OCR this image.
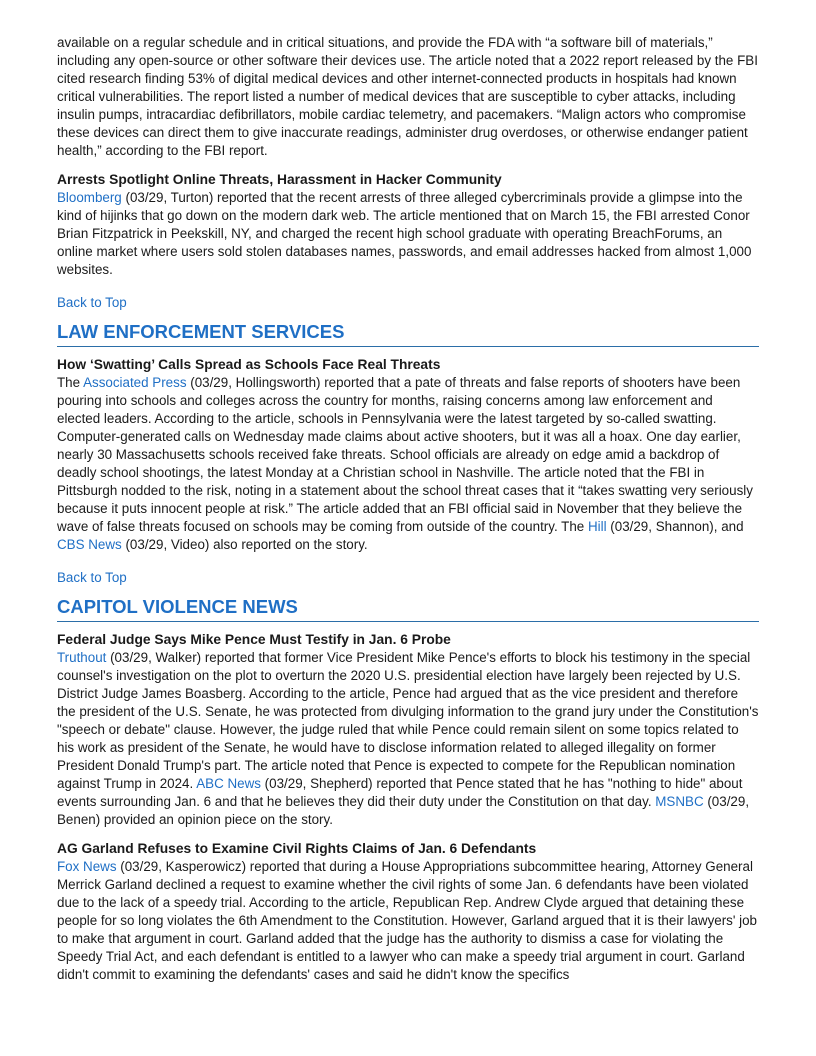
available on a regular schedule and in critical situations, and provide the FDA with “a software bill of materials,” including any open-source or other software their devices use. The article noted that a 2022 report released by the FBI cited research finding 53% of digital medical devices and other internet-connected products in hospitals had known critical vulnerabilities. The report listed a number of medical devices that are susceptible to cyber attacks, including insulin pumps, intracardiac defibrillators, mobile cardiac telemetry, and pacemakers. “Malign actors who compromise these devices can direct them to give inaccurate readings, administer drug overdoses, or otherwise endanger patient health,” according to the FBI report.

Arrests Spotlight Online Threats, Harassment in Hacker Community

Bloomberg (03/29, Turton) reported that the recent arrests of three alleged cybercriminals provide a glimpse into the kind of hijinks that go down on the modern dark web. The article mentioned that on March 15, the FBI arrested Conor Brian Fitzpatrick in Peekskill, NY, and charged the recent high school graduate with operating BreachForums, an online market where users sold stolen databases names, passwords, and email addresses hacked from almost 1,000 websites.

Back to Top
LAW ENFORCEMENT SERVICES
How ‘Swatting’ Calls Spread as Schools Face Real Threats

The Associated Press (03/29, Hollingsworth) reported that a pate of threats and false reports of shooters have been pouring into schools and colleges across the country for months, raising concerns among law enforcement and elected leaders. According to the article, schools in Pennsylvania were the latest targeted by so-called swatting. Computer-generated calls on Wednesday made claims about active shooters, but it was all a hoax. One day earlier, nearly 30 Massachusetts schools received fake threats. School officials are already on edge amid a backdrop of deadly school shootings, the latest Monday at a Christian school in Nashville. The article noted that the FBI in Pittsburgh nodded to the risk, noting in a statement about the school threat cases that it “takes swatting very seriously because it puts innocent people at risk.” The article added that an FBI official said in November that they believe the wave of false threats focused on schools may be coming from outside of the country. The Hill (03/29, Shannon), and CBS News (03/29, Video) also reported on the story.

Back to Top
CAPITOL VIOLENCE NEWS
Federal Judge Says Mike Pence Must Testify in Jan. 6 Probe

Truthout (03/29, Walker) reported that former Vice President Mike Pence's efforts to block his testimony in the special counsel's investigation on the plot to overturn the 2020 U.S. presidential election have largely been rejected by U.S. District Judge James Boasberg. According to the article, Pence had argued that as the vice president and therefore the president of the U.S. Senate, he was protected from divulging information to the grand jury under the Constitution's "speech or debate" clause. However, the judge ruled that while Pence could remain silent on some topics related to his work as president of the Senate, he would have to disclose information related to alleged illegality on former President Donald Trump's part. The article noted that Pence is expected to compete for the Republican nomination against Trump in 2024. ABC News (03/29, Shepherd) reported that Pence stated that he has "nothing to hide" about events surrounding Jan. 6 and that he believes they did their duty under the Constitution on that day. MSNBC (03/29, Benen) provided an opinion piece on the story.

AG Garland Refuses to Examine Civil Rights Claims of Jan. 6 Defendants

Fox News (03/29, Kasperowicz) reported that during a House Appropriations subcommittee hearing, Attorney General Merrick Garland declined a request to examine whether the civil rights of some Jan. 6 defendants have been violated due to the lack of a speedy trial. According to the article, Republican Rep. Andrew Clyde argued that detaining these people for so long violates the 6th Amendment to the Constitution. However, Garland argued that it is their lawyers' job to make that argument in court. Garland added that the judge has the authority to dismiss a case for violating the Speedy Trial Act, and each defendant is entitled to a lawyer who can make a speedy trial argument in court. Garland didn't commit to examining the defendants' cases and said he didn't know the specifics
